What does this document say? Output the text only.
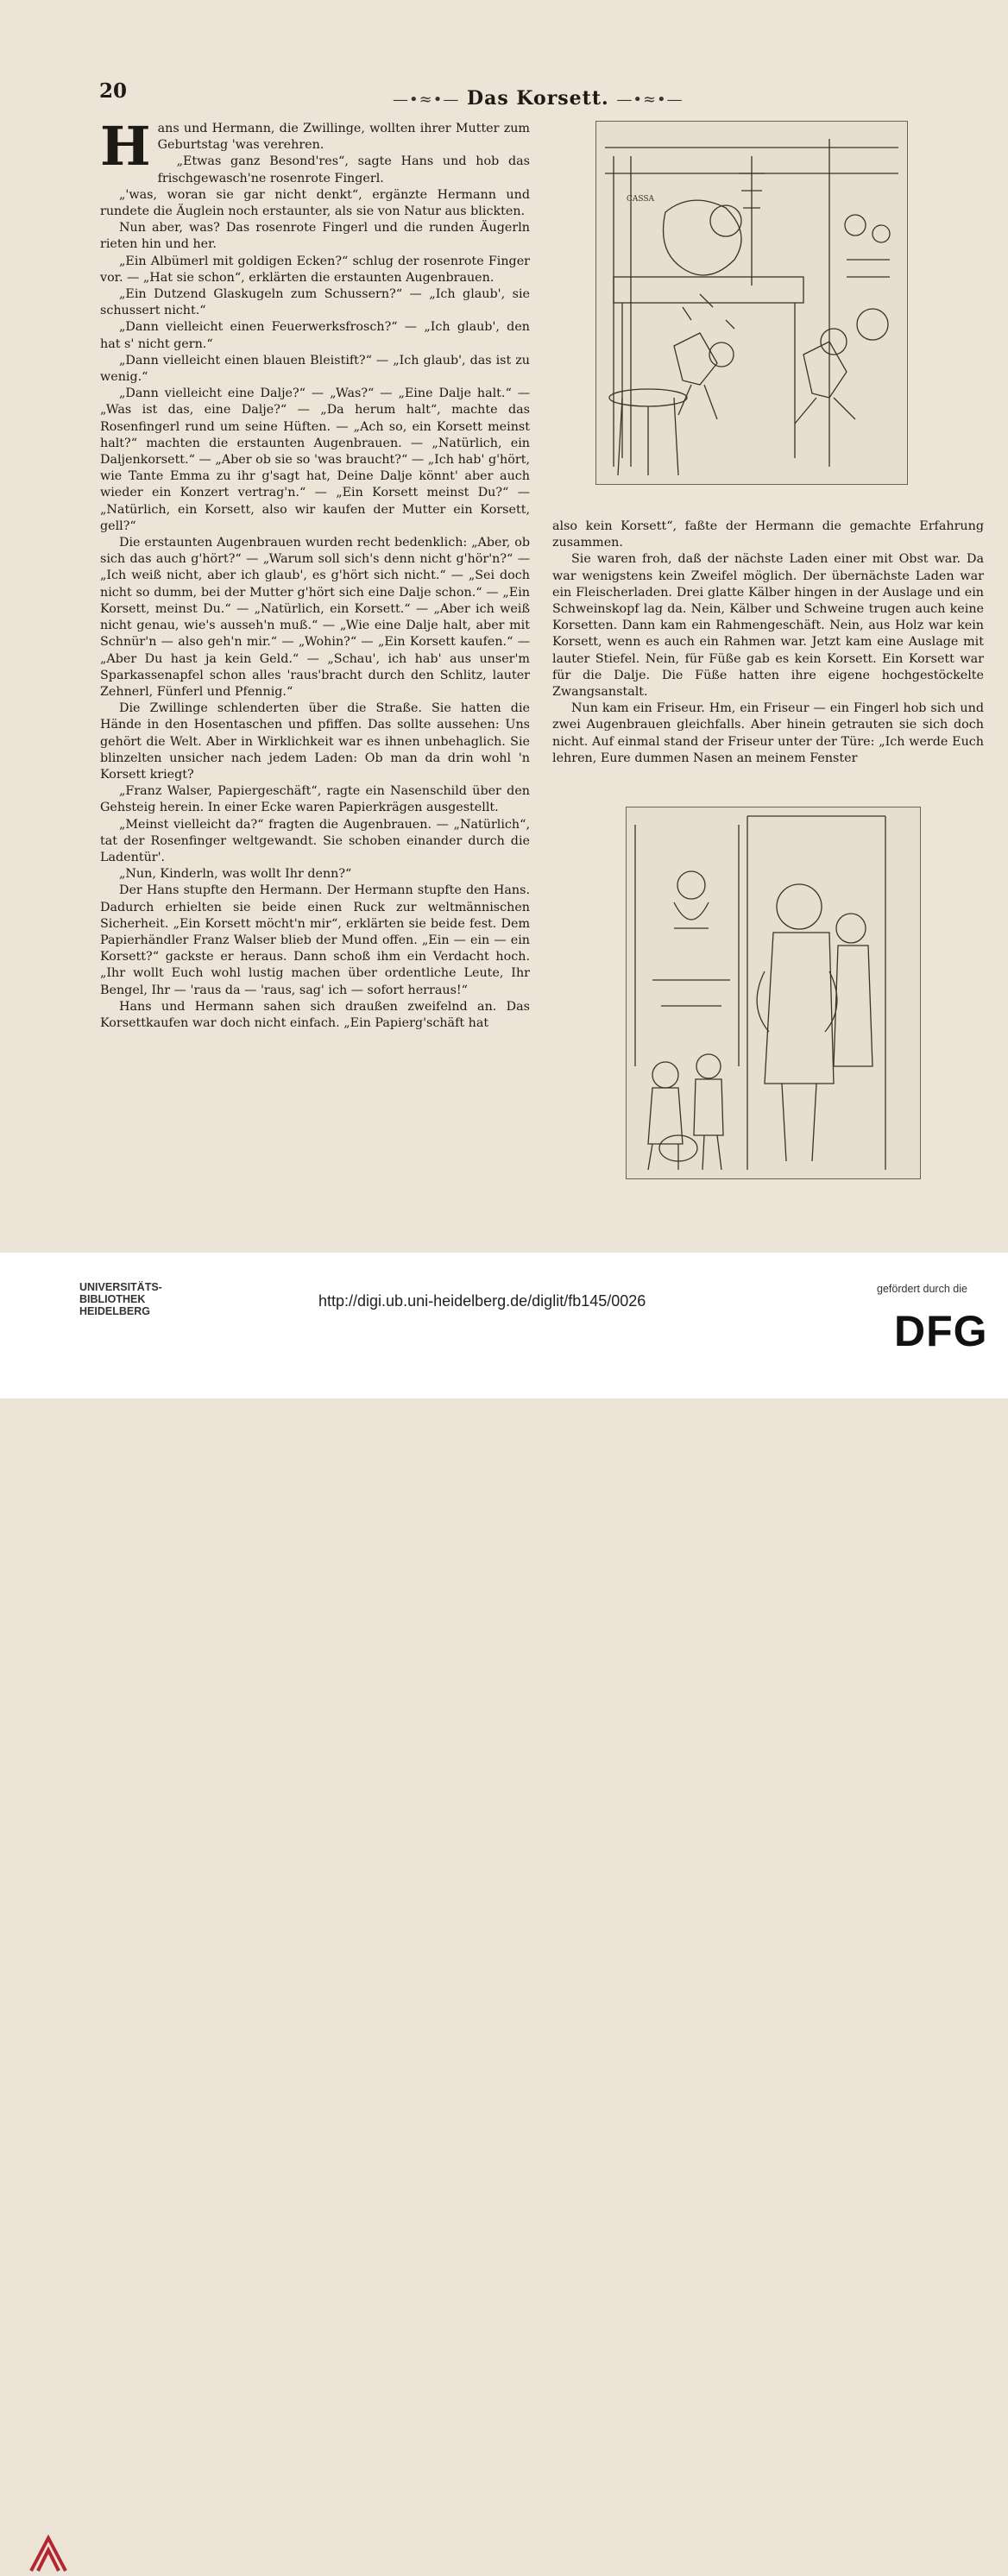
20	—•≈•— Das Korsett. —•≈•—

Hans und Hermann, die Zwillinge, wollten ihrer Mutter zum Geburtstag 'was verehren.

„Etwas ganz Besond'res“, sagte Hans und hob das frischgewasch'ne rosenrote Fingerl.

„'was, woran sie gar nicht denkt“, ergänzte Hermann und rundete die Äuglein noch erstaunter, als sie von Natur aus blickten.

Nun aber, was? Das rosenrote Fingerl und die runden Äugerln rieten hin und her.

„Ein Albümerl mit goldigen Ecken?“ schlug der rosenrote Finger vor. — „Hat sie schon“, erklärten die erstaunten Augenbrauen.

„Ein Dutzend Glaskugeln zum Schussern?“ — „Ich glaub', sie schussert nicht.“

„Dann vielleicht einen Feuerwerksfrosch?“ — „Ich glaub', den hat s' nicht gern.“

„Dann vielleicht einen blauen Bleistift?“ — „Ich glaub', das ist zu wenig.“

„Dann vielleicht eine Dalje?“ — „Was?“ — „Eine Dalje halt.“ — „Was ist das, eine Dalje?“ — „Da herum halt“, machte das Rosenfingerl rund um seine Hüften. — „Ach so, ein Korsett meinst halt?“ machten die erstaunten Augenbrauen. — „Natürlich, ein Daljenkorsett.“ — „Aber ob sie so 'was braucht?“ — „Ich hab' g'hört, wie Tante Emma zu ihr g'sagt hat, Deine Dalje könnt' aber auch wieder ein Konzert vertrag'n.“ — „Ein Korsett meinst Du?“ — „Natürlich, ein Korsett, also wir kaufen der Mutter ein Korsett, gell?“

Die erstaunten Augenbrauen wurden recht bedenklich: „Aber, ob sich das auch g'hört?“ — „Warum soll sich's denn nicht g'hör'n?“ — „Ich weiß nicht, aber ich glaub', es g'hört sich nicht.“ — „Sei doch nicht so dumm, bei der Mutter g'hört sich eine Dalje schon.“ — „Ein Korsett, meinst Du.“ — „Natürlich, ein Korsett.“ — „Aber ich weiß nicht genau, wie's ausseh'n muß.“ — „Wie eine Dalje halt, aber mit Schnür'n — also geh'n mir.“ — „Wohin?“ — „Ein Korsett kaufen.“ — „Aber Du hast ja kein Geld.“ — „Schau', ich hab' aus unser'm Sparkassenapfel schon alles 'raus'bracht durch den Schlitz, lauter Zehnerl, Fünferl und Pfennig.“

Die Zwillinge schlenderten über die Straße. Sie hatten die Hände in den Hosentaschen und pfiffen. Das sollte aussehen: Uns gehört die Welt. Aber in Wirklichkeit war es ihnen unbehaglich. Sie blinzelten unsicher nach jedem Laden: Ob man da drin wohl 'n Korsett kriegt?

„Franz Walser, Papiergeschäft“, ragte ein Nasenschild über den Gehsteig herein. In einer Ecke waren Papierkrägen ausgestellt.

„Meinst vielleicht da?“ fragten die Augenbrauen. — „Natürlich“, tat der Rosenfinger weltgewandt. Sie schoben einander durch die Ladentür'.

„Nun, Kinderln, was wollt Ihr denn?“

Der Hans stupfte den Hermann. Der Hermann stupfte den Hans. Dadurch erhielten sie beide einen Ruck zur weltmännischen Sicherheit. „Ein Korsett möcht'n mir“, erklärten sie beide fest. Dem Papierhändler Franz Walser blieb der Mund offen. „Ein — ein — ein Korsett?“ gackste er heraus. Dann schoß ihm ein Verdacht hoch. „Ihr wollt Euch wohl lustig machen über ordentliche Leute, Ihr Bengel, Ihr — 'raus da — 'raus, sag' ich — sofort herraus!“

Hans und Hermann sahen sich draußen zweifelnd an. Das Korsettkaufen war doch nicht einfach. „Ein Papierg'schäft hat

CASSA

also kein Korsett“, faßte der Hermann die gemachte Erfahrung zusammen.

Sie waren froh, daß der nächste Laden einer mit Obst war. Da war wenigstens kein Zweifel möglich. Der übernächste Laden war ein Fleischerladen. Drei glatte Kälber hingen in der Auslage und ein Schweinskopf lag da. Nein, Kälber und Schweine trugen auch keine Korsetten. Dann kam ein Rahmengeschäft. Nein, aus Holz war kein Korsett, wenn es auch ein Rahmen war. Jetzt kam eine Auslage mit lauter Stiefel. Nein, für Füße gab es kein Korsett. Ein Korsett war für die Dalje. Die Füße hatten ihre eigene hochgestöckelte Zwangsanstalt.

Nun kam ein Friseur. Hm, ein Friseur — ein Fingerl hob sich und zwei Augenbrauen gleichfalls. Aber hinein getrauten sie sich doch nicht. Auf einmal stand der Friseur unter der Türe: „Ich werde Euch lehren, Eure dummen Nasen an meinem Fenster

UNIVERSITÄTS-
BIBLIOTHEK
HEIDELBERG
http://digi.ub.uni-heidelberg.de/diglit/fb145/0026
gefördert durch die
DFG
